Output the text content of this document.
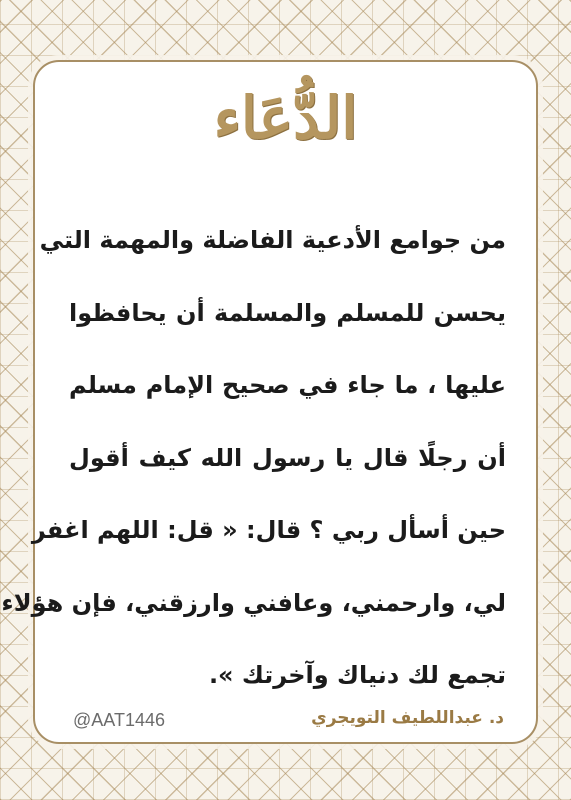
الدُّعَاء
من جوامع الأدعية الفاضلة والمهمة التي
يحسن للمسلم والمسلمة أن يحافظوا
عليها ، ما جاء في صحيح الإمام مسلم
أن رجلًا قال يا رسول الله كيف أقول
حين أسأل ربي ؟ قال: « قل: اللهم اغفر
لي، وارحمني، وعافني وارزقني، فإن هؤلاء
تجمع لك دنياك وآخرتك ».
@AAT1446	د. عبداللطيف التويجري
